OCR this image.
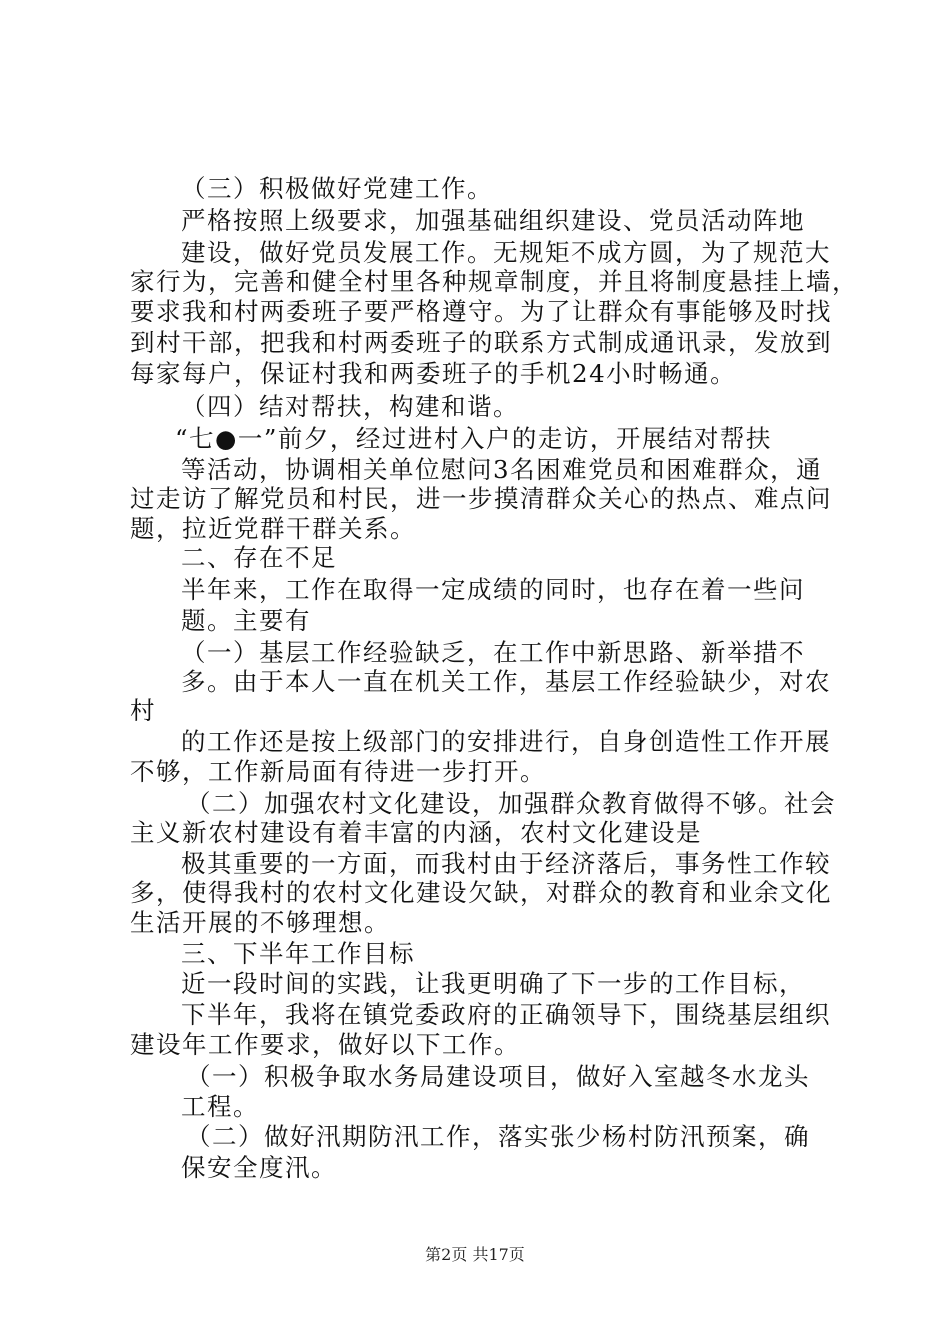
（三）积极做好党建工作。
严格按照上级要求，加强基础组织建设、党员活动阵地
建设，做好党员发展工作。无规矩不成方圆，为了规范大
家行为，完善和健全村里各种规章制度，并且将制度悬挂上墙，
要求我和村两委班子要严格遵守。为了让群众有事能够及时找
到村干部，把我和村两委班子的联系方式制成通讯录，发放到
每家每户，保证村我和两委班子的手机24小时畅通。
（四）结对帮扶，构建和谐。
“七●一”前夕，经过进村入户的走访，开展结对帮扶
等活动，协调相关单位慰问3名困难党员和困难群众，通
过走访了解党员和村民，进一步摸清群众关心的热点、难点问
题，拉近党群干群关系。
二、存在不足
半年来，工作在取得一定成绩的同时，也存在着一些问
题。主要有
（一）基层工作经验缺乏，在工作中新思路、新举措不
多。由于本人一直在机关工作，基层工作经验缺少，对农
村
的工作还是按上级部门的安排进行，自身创造性工作开展
不够，工作新局面有待进一步打开。
（二）加强农村文化建设，加强群众教育做得不够。社会
主义新农村建设有着丰富的内涵，农村文化建设是
极其重要的一方面，而我村由于经济落后，事务性工作较
多，使得我村的农村文化建设欠缺，对群众的教育和业余文化
生活开展的不够理想。
三、下半年工作目标
近一段时间的实践，让我更明确了下一步的工作目标，
下半年，我将在镇党委政府的正确领导下，围绕基层组织
建设年工作要求，做好以下工作。
（一）积极争取水务局建设项目，做好入室越冬水龙头
工程。
（二）做好汛期防汛工作，落实张少杨村防汛预案，确
保安全度汛。
第2页 共17页
